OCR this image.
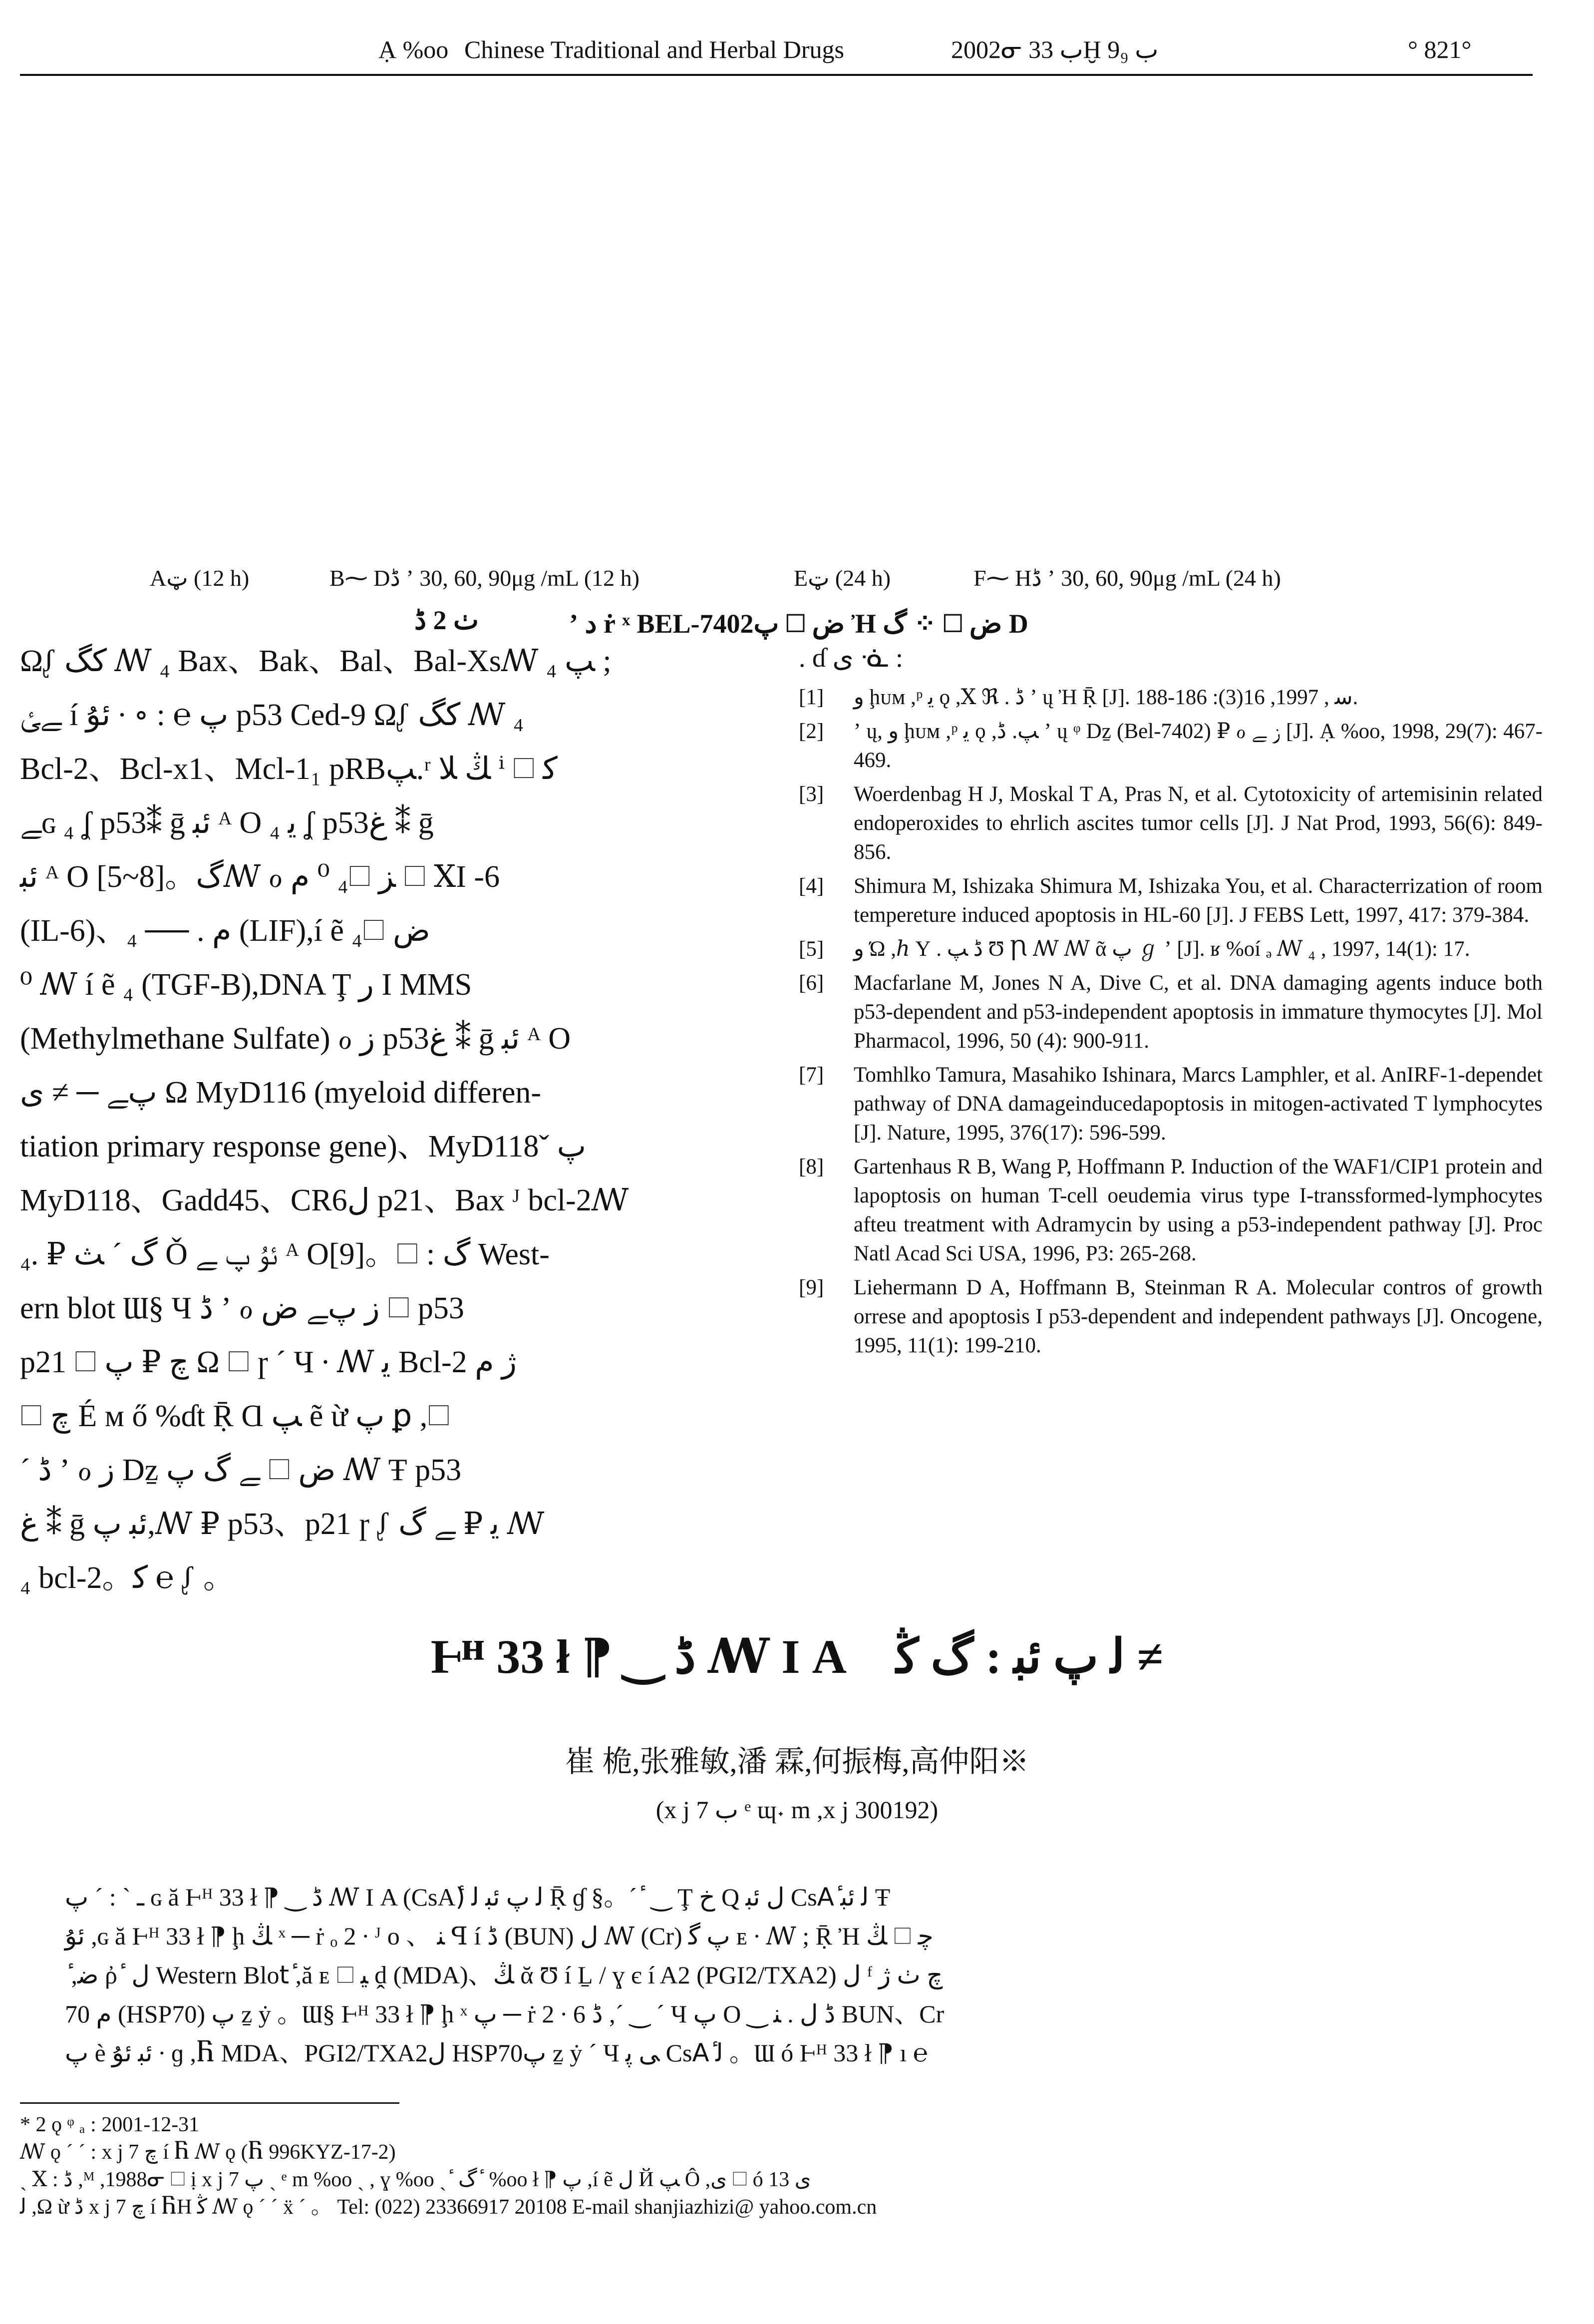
Ạ %oo Chinese Traditional and Herbal Drugs	2002ᓂ ب 33Ḫ ب 9₉	° 821°
Aټ (12 h)	B⁓ Dڈ ʼ 30, 60, 90μg /mL (12 h)	Eټ (24 h)	F⁓ Hڈ ʼ 30, 60, 90μg /mL (24 h)
ٺ 2 ڈ	ʼ ﺩ ṙ ˣ BEL-7402ﺽ 🗆 ﭖ Ἠ ﺽ 🗆 ⁘ ﮒ D

Ωᶘ ﮐﮓ ꟿ ₄ Bax、Bak、Bal、Bal-Xsꟿ ₄ ﭗ ;

ﮯﺊ í ﭖ ℮ : ∘ ∙ ﺋﯘ p53 Ced-9 Ωᶘ ﮐﮓ ꟿ ₄

Bcl-2、Bcl-x1、Mcl-1₁ pRBﭗ.ʳ ﯔ ﻼ ⁱ 🗆 ﮐ

ﮯɢ ₄ ʆ p53⁑ ḡ ﺋﺒ ᴬ O ﻳ ₄ ʆ p53ﻍ ⁑ ḡ

ﺋﺒ ᴬ O [5~8]。ﮒꟿ ℴ ﺰ 🗆₄ ⁰ ﻡ 🗆 ⅩӀ -6

(IL-6)、ﻡ . ── ₄ (LIF),í ẽ ﺽ 🗆₄

⁰ ꟿ í ẽ ₄ (TGF-B),DNA Ţ ﺭ Ӏ MMS

(Methylmethane Sulfate) ℴ ﺯ p53ﻍ ⁑ ḡ ﺋﺒ ᴬ O

ﭖﮯ ─ ≠ ﻯ Ω MyD116 (myeloid differen-

tiation primary response gene)、MyD118ˇ ﭖ

MyD118、Gadd45、CR6ﻝ p21、Bax ᴶ bcl-2ꟿ

₄. ₽ ﮒ ˊ ﺚ Ǒ ﺋﯘ ﭖ ﮯ ᴬ O[9]。🗆 : ﮒ West-

ern blot Ɯ§ Ч ڈ ʼ ℴ ﺯ ﭖﮯ ﺽ 🗆 p53

p21 🗆 ﭺ ₽ ﭖ Ω 🗆 ɼ ˊ Ч ∙ ꟿ ﻳ Bcl-2 ﮊ ﻡ

🗆 ﭺ É ᴍ ő %ɗt Ṝ Ɑ ﭗ ẽ ừ ﭖ ꝑ ,🗆

ˊ ڈ ʼ ℴ ﺯ Dẕ ﺽ 🗆 ﮯ ﮒ ﭖ ꟿ Ŧ p53

ﻍ ⁑ ḡ ﺋﺒ ﭖ,ꟿ ₽ p53、p21 ɼ ᶘ ﻳ ₽ ﮯ ﮒ ꟿ

₄ bcl-2。ﮐ ℮ ᶘ 。

. ɗ ﯼ ᓍ :
[1]	ﻭ ḩᴜᴍ ,ᵖ ﯾ ǫ ,Ⅹ ℜ . ڈ ʼ ų Ἠ Ṝ [J]. ﺳ , 1997, 16(3): 186-188.
[2]	ʼ ų, ﻭ ḩᴜᴍ ,ᵖ ﯾ ǫ ,ﭗ. ڈ ʼ ų ᵠ Dẕ (Bel-7402) ₽ ℴ ﺯ ﮯ [J]. Ạ %oo, 1998, 29(7): 467-469.
[3]	Woerdenbag H J, Moskal T A, Pras N, et al. Cytotoxicity of artemisinin related endoperoxides to ehrlich ascites tumor cells [J]. J Nat Prod, 1993, 56(6): 849-856.
[4]	Shimura M, Ishizaka Shimura M, Ishizaka You, et al. Characterrization of room tempereture induced apoptosis in HL-60 [J]. J FEBS Lett, 1997, 417: 379-384.
[5]	ﻭ Ώ ,ℎ Ү . ڈ ﭗ Ʊ Ꞃ ꟿ ꟿ ᾶ ﭖ ℊ ʼ [J]. ʁ %oí ₔ ꟿ ₄ , 1997, 14(1): 17.
[6]	Macfarlane M, Jones N A, Dive C, et al. DNA damaging agents induce both p53-dependent and p53-independent apoptosis in immature thymocytes [J]. Mol Pharmacol, 1996, 50 (4): 900-911.
[7]	Tomhlko Tamura, Masahiko Ishinara, Marcs Lamphler, et al. AnIRF-1-dependet pathway of DNA damageinducedapoptosis in mitogen-activated T lymphocytes [J]. Nature, 1995, 376(17): 596-599.
[8]	Gartenhaus R B, Wang P, Hoffmann P. Induction of the WAF1/CIP1 protein and lapoptosis on human T-cell oeudemia virus type I-transsformed-lymphocytes afteu treatment with Adramycin by using a p53-independent pathway [J]. Proc Natl Acad Sci USA, 1996, P3: 265-268.
[9]	Liehermann D A, Hoffmann B, Steinman R A. Molecular contros of growth orrese and apoptosis I p53-dependent and independent pathways [J]. Oncogene, 1995, 11(1): 199-210.
Ⱶᴴ 33 ł ⁋ ‿ ڈ ꟿ Ӏ Aٔ ﻟ ﭖ ﺋﺒ : ﮒ ﯕ ≠
崔 桅,张雅敏,潘 霖,何振梅,高仲阳※
(x j 7 ب ᵉ ɰ˖ m ,x j 300192)
ـ ˋ : ˊ ﭖ ɢ ă Ⱶᴴ 33 ł ⁋ ‿ ڈ ꟿ Ӏ A (CsA)ٔ ﻟ ﭖ ﺋﺒ ﻟ Ṝ ɠ §。ˊ ٔ ‿ Ţ ﺥ Q ﻝ ﺋﺒ CsAٔ ﻟ ﺋﺒ Ŧ
ﺋﯘ ,ɢ ă Ⱶᴴ 33 ł ⁋ ḩ ﯔ ˣ ─ ṙ ₒ 2 ∙ ᴶ o 、 ﻨ ꟼ í ڈ (BUN) ﻝ ꟿ (Cr) ﭖ ﮔ ᴇ ∙ ꟿ ; Ṝ Ἠ ﭼ 🗆 ﯔ
ٔ ,ﺿ ῤ ٔ ﻝ Western Blotٔ ,ă ᴇ 🗆 ﯿ ḓ (MDA)、ﯔ ᾰ Ʊ í Ḻ / ɣ є í A2 (PGI2/TXA2) ﻝ ᶠ ﭺ ﭞ ﮊ
ﻡ 70 (HSP70) ﭖ ẕ ẏ 。Ɯ§ Ⱶᴴ 33 ł ⁋ ḩ ˣ ﭖ ─ ṙ 2 ∙ 6 ڈ ,ˊ ‿ ˊ Ч ﭖ O ‿ ڈ ﻝ . ﻨ BUN、Cr
ﭖ è ﺋﺒ ﺋﯘ ∙ ɡ ,Ⴌ MDA、PGI2/TXA2ﻝ HSP70ﭖ ẕ ẏ ˊ Ч ﻰ ﭘ CsAٔ ﻟ 。Ɯ ó Ⱶᴴ 33 ł ⁋ ı ℮
* 2 ǫ ᵠ ₐ : 2001-12-31
ꟿ ǫ ˊ ˊ : x j 7 ﭺ í Ⴌ ꟿ ǫ (Ⴌ 996KYZ-17-2)
ˏ Ⅹ : ڈ ,ᴹ ,1988ᓂ 🗆 ị x j 7 ﭖ ˏ ᵉ m %oo ˏ , ɣ %oo ˏ ٔ ﮒ ٔ %oo ł ⁋ ﭖ ,í ẽ ﻝ Й ﭗ Ô ,ﯼ 🗆 ó ﯼ 13
ﻟ ,Ω ừ ڈ x j 7 ﭺ í ႬH ﯕ ꟿ ǫ ˊ ˊ ẍ ˊ 。 Tel: (022) 23366917 20108 E-mail shanjiazhizi@ yahoo.com.cn
